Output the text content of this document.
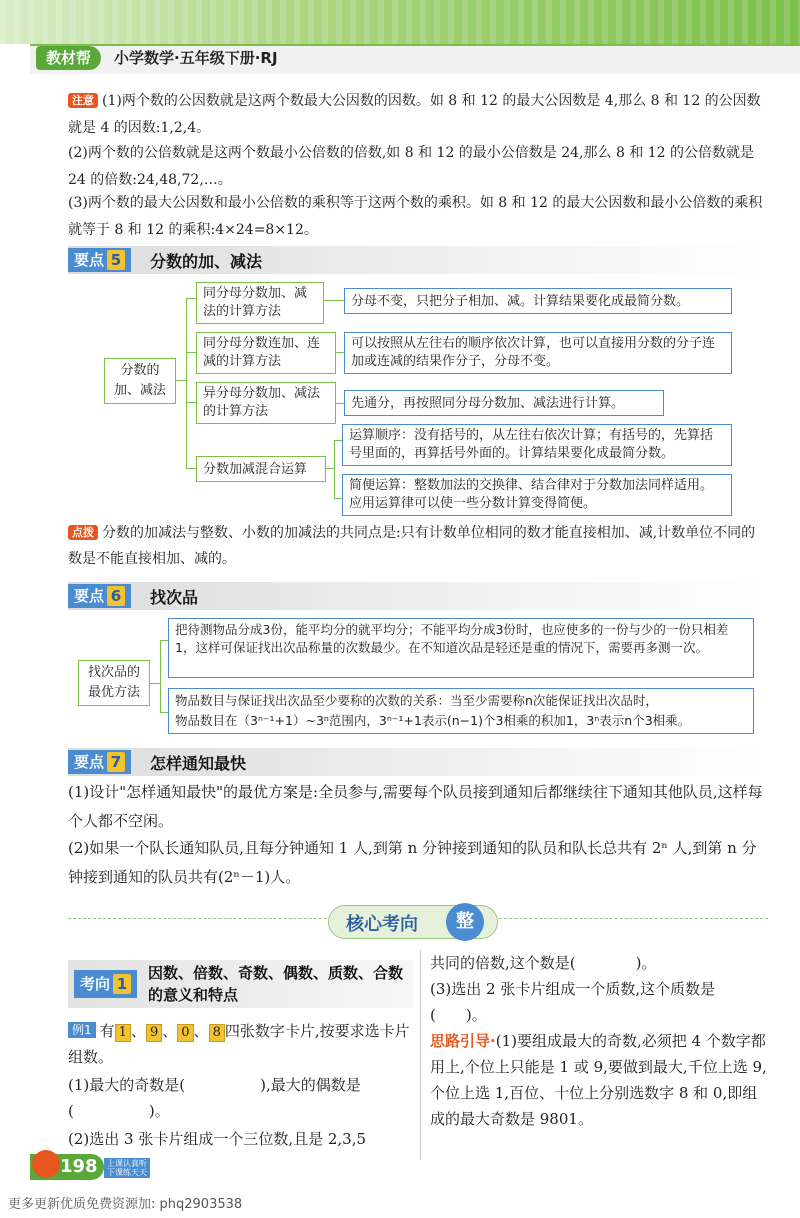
教材帮	小学数学·五年级下册·RJ
注意 (1)两个数的公因数就是这两个数最大公因数的因数。如 8 和 12 的最大公因数是 4,那么 8 和 12 的公因数就是 4 的因数:1,2,4。
(2)两个数的公倍数就是这两个数最小公倍数的倍数,如 8 和 12 的最小公倍数是 24,那么 8 和 12 的公倍数就是 24 的倍数:24,48,72,…。
(3)两个数的最大公因数和最小公倍数的乘积等于这两个数的乘积。如 8 和 12 的最大公因数和最小公倍数的乘积就等于 8 和 12 的乘积:4×24=8×12。
要点 5	分数的加、减法
分数的加、减法
同分母分数加、减法的计算方法
同分母分数连加、连减的计算方法
异分母分数加、减法的计算方法
分数加减混合运算
分母不变，只把分子相加、减。计算结果要化成最简分数。
可以按照从左往右的顺序依次计算，也可以直接用分数的分子连加或连减的结果作分子，分母不变。
先通分，再按照同分母分数加、减法进行计算。
运算顺序：没有括号的，从左往右依次计算；有括号的，先算括号里面的，再算括号外面的。计算结果要化成最简分数。
简便运算：整数加法的交换律、结合律对于分数加法同样适用。应用运算律可以使一些分数计算变得简便。
点拨 分数的加减法与整数、小数的加减法的共同点是:只有计数单位相同的数才能直接相加、减,计数单位不同的数是不能直接相加、减的。
要点 6	找次品
找次品的最优方法
把待测物品分成3份，能平均分的就平均分；不能平均分成3份时，也应使多的一份与少的一份只相差1，这样可保证找出次品称量的次数最少。在不知道次品是轻还是重的情况下，需要再多测一次。
物品数目与保证找出次品至少要称的次数的关系：当至少需要称n次能保证找出次品时，
物品数目在（3ⁿ⁻¹+1）~3ⁿ范围内，3ⁿ⁻¹+1表示(n−1)个3相乘的积加1，3ⁿ表示n个3相乘。
要点 7	怎样通知最快
(1)设计"怎样通知最快"的最优方案是:全员参与,需要每个队员接到通知后都继续往下通知其他队员,这样每个人都不空闲。
(2)如果一个队长通知队员,且每分钟通知 1 人,到第 n 分钟接到通知的队员和队长总共有 2ⁿ 人,到第 n 分钟接到通知的队员共有(2ⁿ－1)人。
核心考向	整
考向 1
因数、倍数、奇数、偶数、质数、合数的意义和特点
例1 有 1 、 9 、 0 、 8 四张数字卡片,按要求选卡片组数。
(1)最大的奇数是(　　　　　),最大的偶数是(　　　　　)。
(2)选出 3 张卡片组成一个三位数,且是 2,3,5
共同的倍数,这个数是(　　　　)。
(3)选出 2 张卡片组成一个质数,这个质数是(　　)。
思路引导·(1)要组成最大的奇数,必须把 4 个数字都用上,个位上只能是 1 或 9,要做到最大,千位上选 9,个位上选 1,百位、十位上分别选数字 8 和 0,即组成的最大奇数是 9801。
198	上课认真听
下课练天天
更多更新优质免费资源加: phq2903538
